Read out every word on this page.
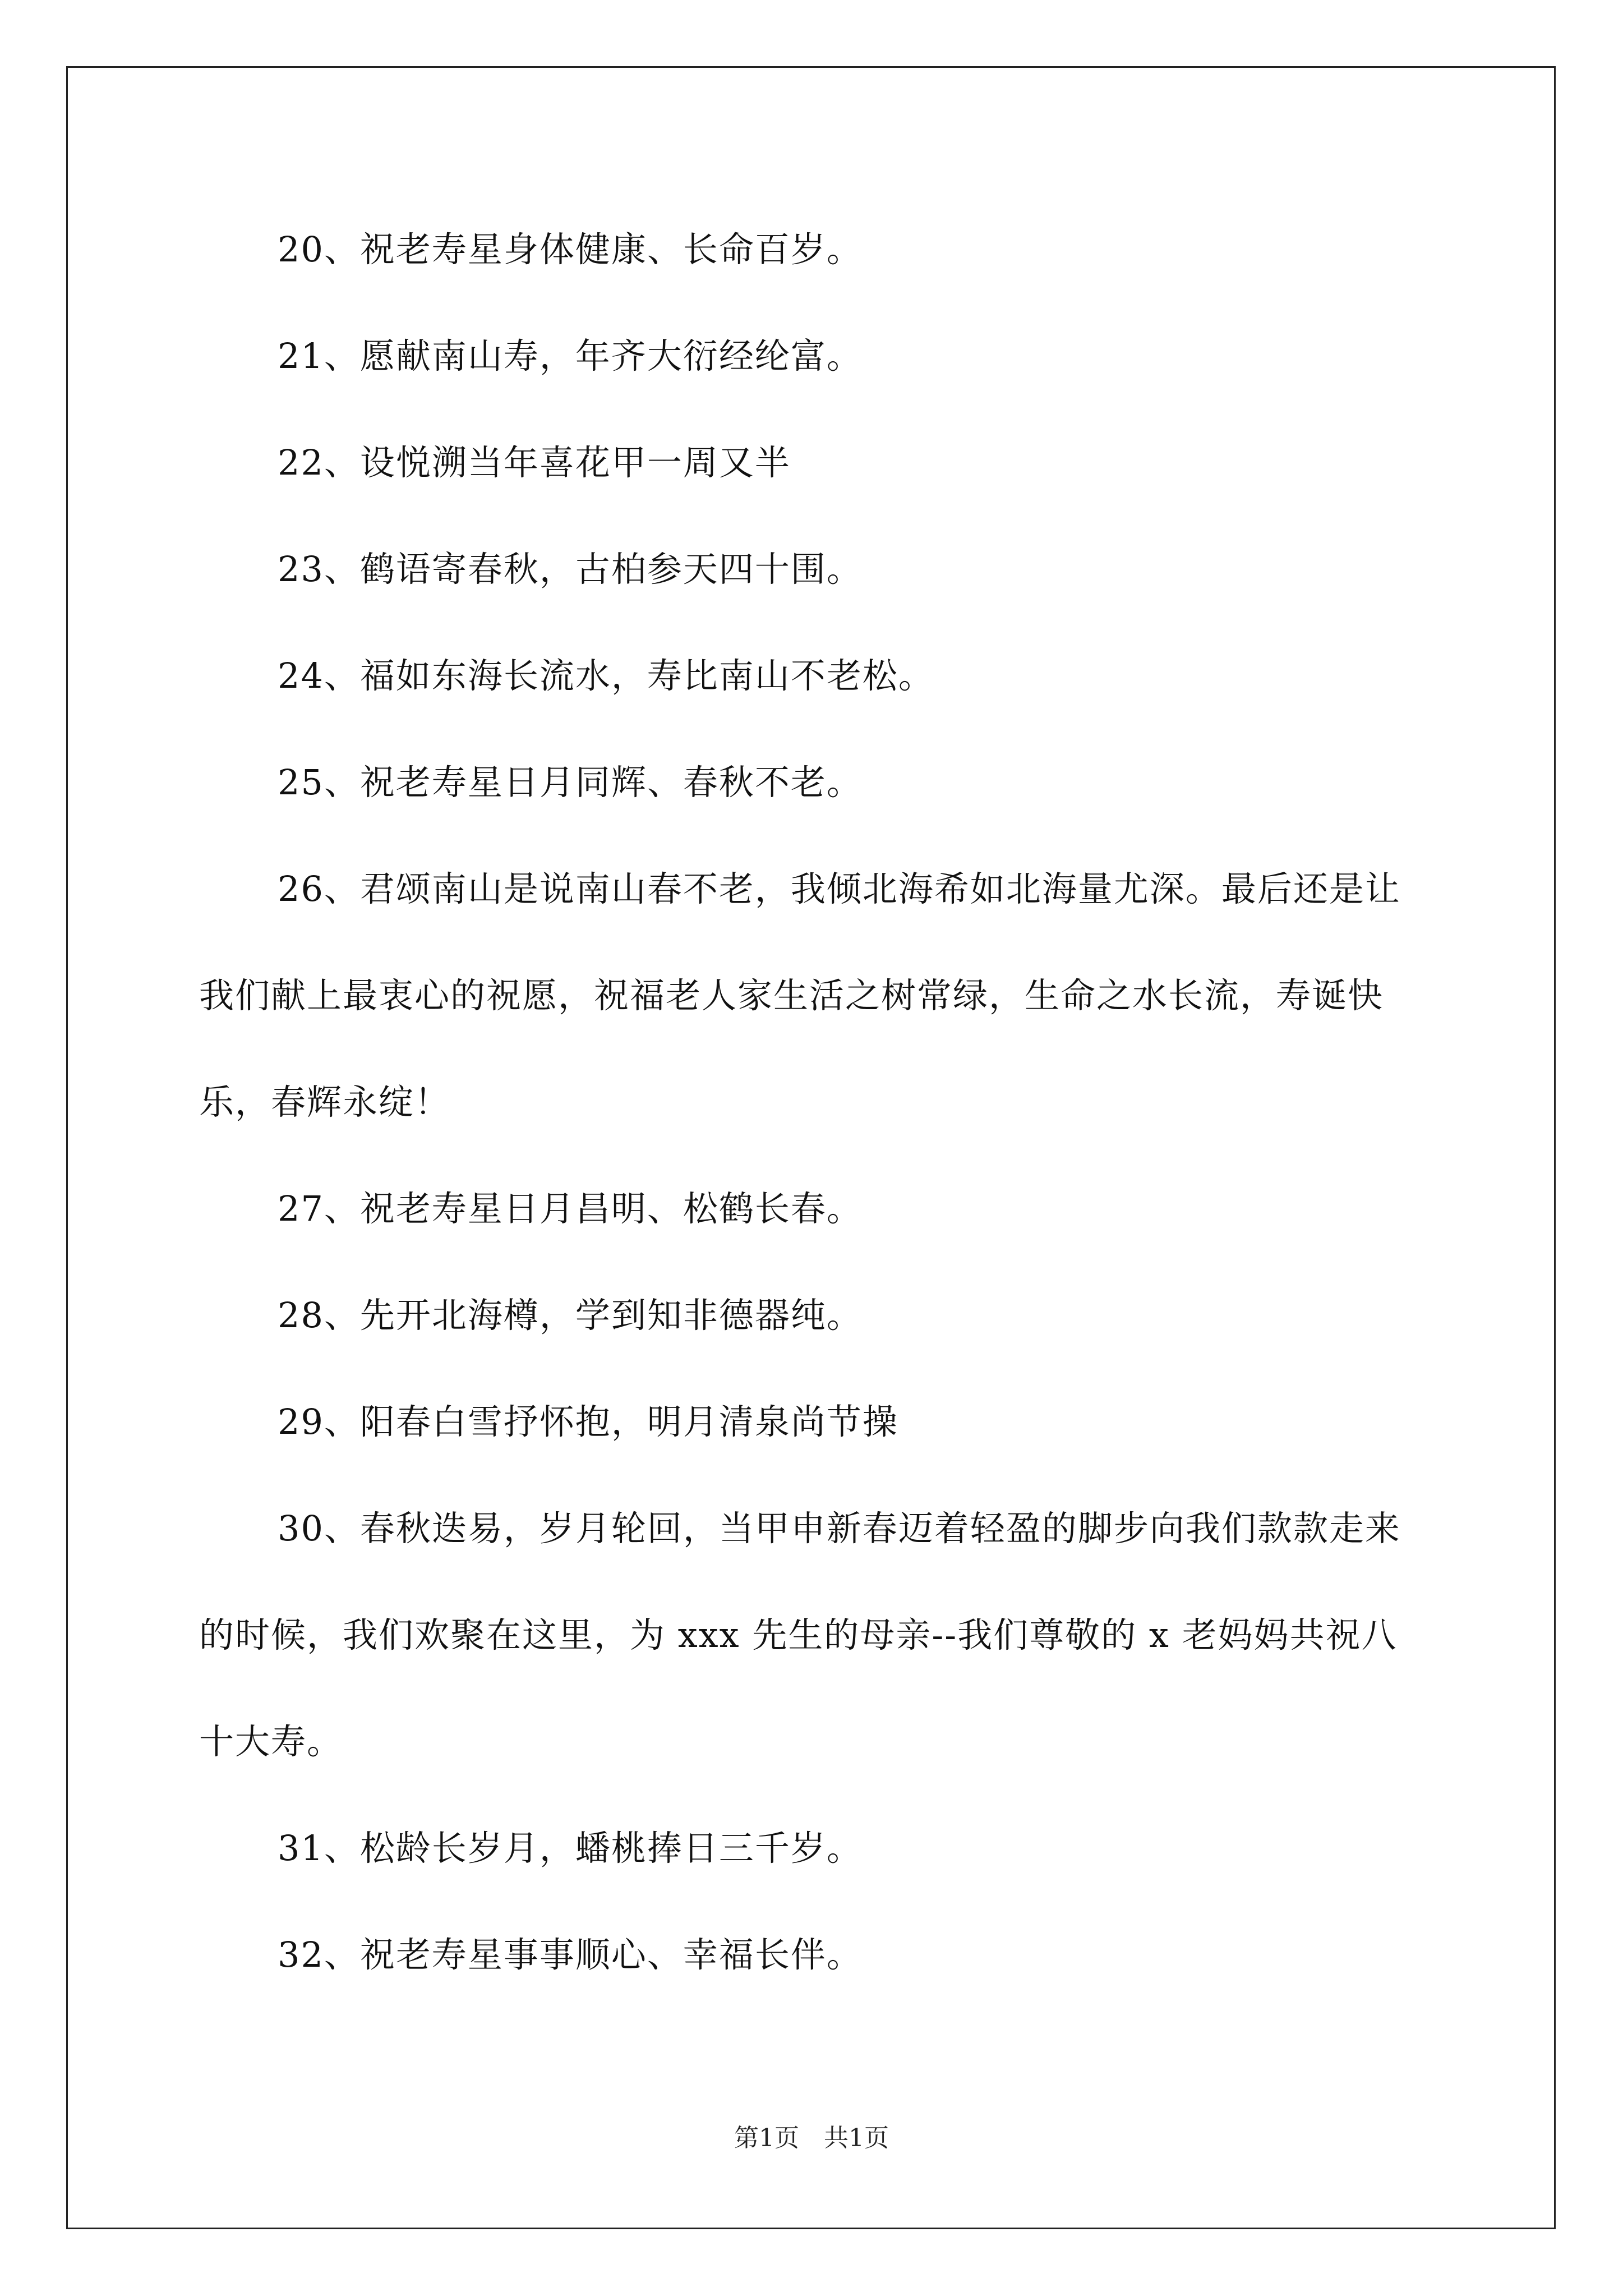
20、祝老寿星身体健康、长命百岁。

21、愿献南山寿，年齐大衍经纶富。

22、设悦溯当年喜花甲一周又半

23、鹤语寄春秋，古柏参天四十围。

24、福如东海长流水，寿比南山不老松。

25、祝老寿星日月同辉、春秋不老。

26、君颂南山是说南山春不老，我倾北海希如北海量尤深。最后还是让我们献上最衷心的祝愿，祝福老人家生活之树常绿，生命之水长流，寿诞快乐，春辉永绽！

27、祝老寿星日月昌明、松鹤长春。

28、先开北海樽，学到知非德器纯。

29、阳春白雪抒怀抱，明月清泉尚节操

30、春秋迭易，岁月轮回，当甲申新春迈着轻盈的脚步向我们款款走来的时候，我们欢聚在这里，为 xxx 先生的母亲--我们尊敬的 x 老妈妈共祝八十大寿。

31、松龄长岁月，蟠桃捧日三千岁。

32、祝老寿星事事顺心、幸福长伴。

第1页　共1页
